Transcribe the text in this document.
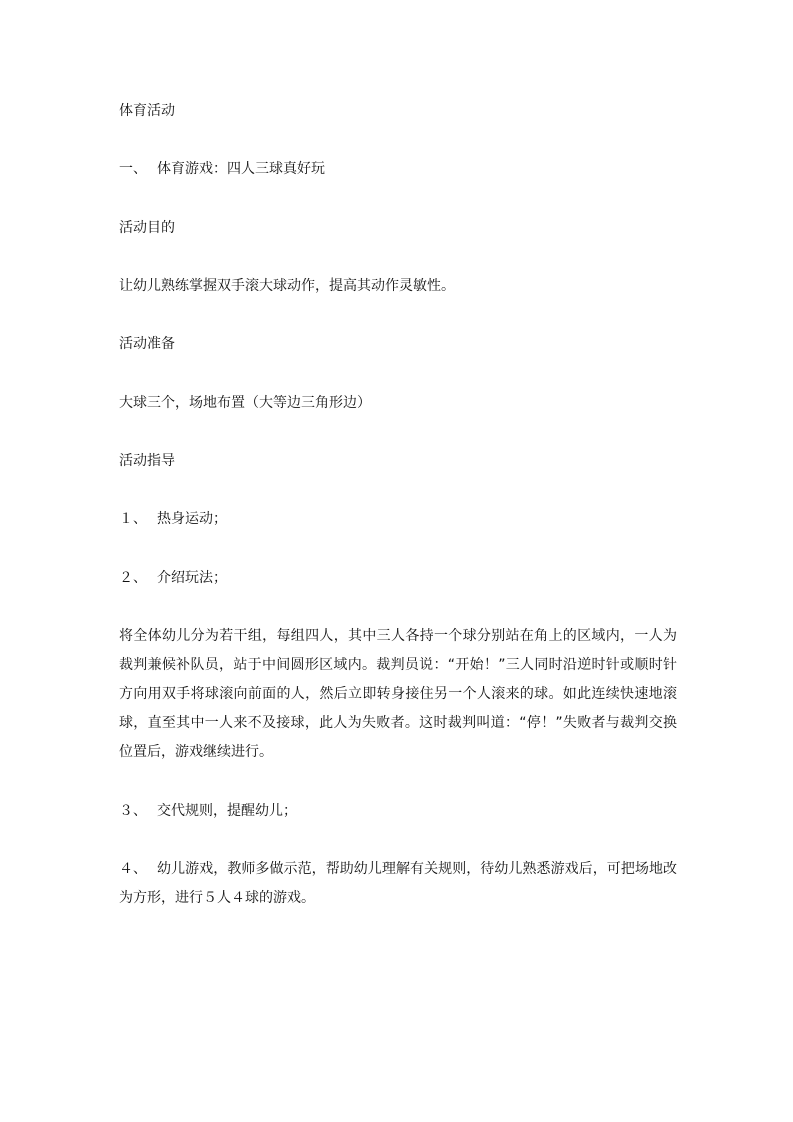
体育活动
一、 体育游戏：四人三球真好玩
活动目的
让幼儿熟练掌握双手滚大球动作，提高其动作灵敏性。
活动准备
大球三个，场地布置（大等边三角形边）
活动指导
１、 热身运动；
２、 介绍玩法；
将全体幼儿分为若干组，每组四人，其中三人各持一个球分别站在角上的区域内，一人为裁判兼候补队员，站于中间圆形区域内。裁判员说：“开始！”三人同时沿逆时针或顺时针方向用双手将球滚向前面的人，然后立即转身接住另一个人滚来的球。如此连续快速地滚球，直至其中一人来不及接球，此人为失败者。这时裁判叫道：“停！”失败者与裁判交换位置后，游戏继续进行。
３、 交代规则，提醒幼儿；
４、 幼儿游戏，教师多做示范，帮助幼儿理解有关规则，待幼儿熟悉游戏后，可把场地改为方形，进行５人４球的游戏。
